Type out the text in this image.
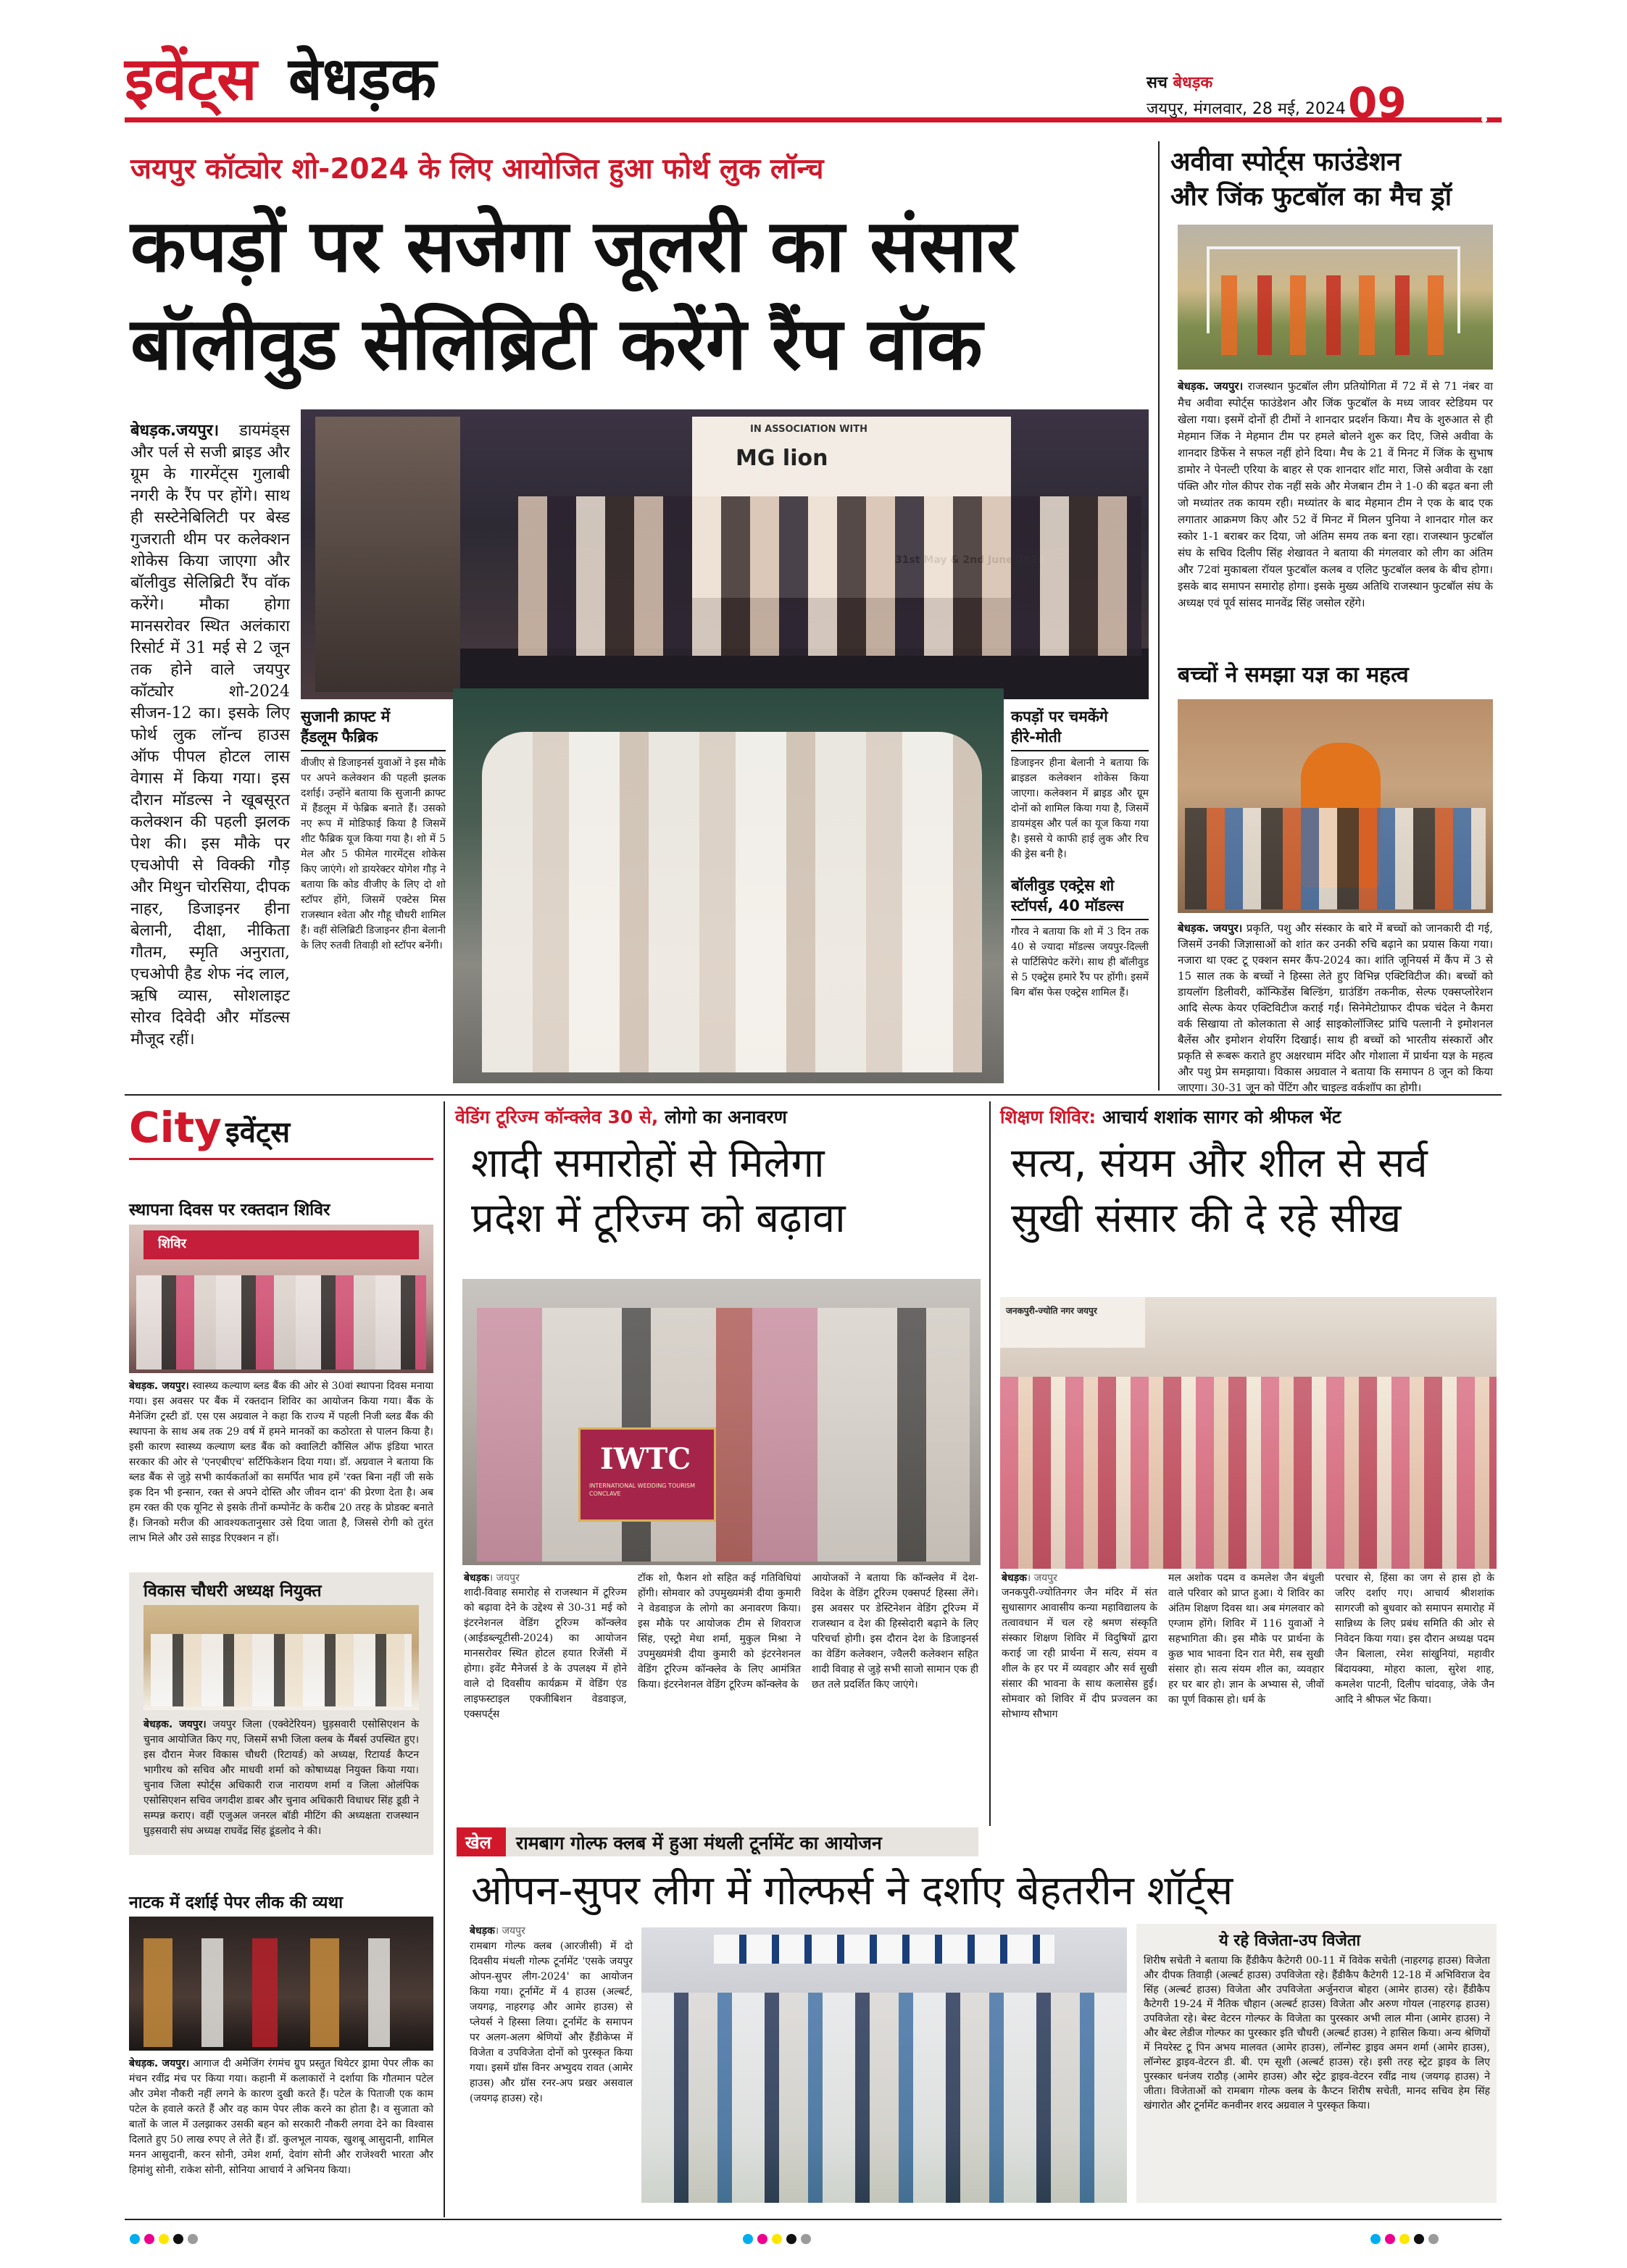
इवेंट्स बेधड़क	सच बेधड़क
जयपुर, मंगलवार, 28 मई, 2024 09
जयपुर कॉट्योर शो-2024 के लिए आयोजित हुआ फोर्थ लुक लॉन्च
कपड़ों पर सजेगा जूलरी का संसार
बॉलीवुड सेलिब्रिटी करेंगे रैंप वॉक
बेधड़क.जयपुर। डायमंड्स और पर्ल से सजी ब्राइड और ग्रूम के गारमेंट्स गुलाबी नगरी के रैंप पर होंगे। साथ ही सस्टेनेबिलिटी पर बेस्ड गुजराती थीम पर कलेक्शन शोकेस किया जाएगा और बॉलीवुड सेलिब्रिटी रैंप वॉक करेंगे। मौका होगा मानसरोवर स्थित अलंकारा रिसोर्ट में 31 मई से 2 जून तक होने वाले जयपुर कॉट्योर शो-2024 सीजन-12 का। इसके लिए फोर्थ लुक लॉन्च हाउस ऑफ पीपल होटल लास वेगास में किया गया। इस दौरान मॉडल्स ने खूबसूरत कलेक्शन की पहली झलक पेश की। इस मौके पर एचओपी से विक्की गौड़ और मिथुन चोरसिया, दीपक नाहर, डिजाइनर हीना बेलानी, दीक्षा, नीकिता गौतम, स्मृति अनुराता, एचओपी हैड शेफ नंद लाल, ऋषि व्यास, सोशलाइट सोरव दिवेदी और मॉडल्स मौजूद रहीं।
IN ASSOCIATION WITH
MG lion
सुजानी क्राफ्ट में
हैंडलूम फैब्रिक
वीजीए से डिजाइनर्स युवाओं ने इस मौके पर अपने कलेक्शन की पहली झलक दर्शाई। उन्होंने बताया कि सुजानी क्राफ्ट में हैंडलूम में फेब्रिक बनाते हैं। उसको नए रूप में मोडिफाई किया है जिसमें शीट फैब्रिक यूज किया गया है। शो में 5 मेल और 5 फीमेल गारमेंट्स शोकेस किए जाएंगे। शो डायरेक्टर योगेश गौड़ ने बताया कि कोड वीजीए के लिए दो शो स्टॉपर होंगे, जिसमें एक्टेस मिस राजस्थान श्वेता और गौहू चौधरी शामिल हैं। वहीं सेलिब्रिटी डिजाइनर हीना बेलानी के लिए रुतवी तिवाड़ी शो स्टॉपर बनेंगी।
कपड़ों पर चमकेंगे
हीरे-मोती
डिजाइनर हीना बेलानी ने बताया कि ब्राइडल कलेक्शन शोकेस किया जाएगा। कलेक्शन में ब्राइड और ग्रूम दोनों को शामिल किया गया है, जिसमें डायमंड्स और पर्ल का यूज किया गया है। इससे ये काफी हाई लुक और रिच की ड्रेस बनी है।
बॉलीवुड एक्ट्रेस शो
स्टॉपर्स, 40 मॉडल्स
गौरव ने बताया कि शो में 3 दिन तक 40 से ज्यादा मॉडल्स जयपुर-दिल्ली से पार्टिसिपेट करेंगे। साथ ही बॉलीवुड से 5 एक्ट्रेस हमारे रैंप पर होंगी। इसमें बिग बॉस फेस एक्ट्रेस शामिल हैं।
अवीवा स्पोर्ट्स फाउंडेशन
और जिंक फुटबॉल का मैच ड्रॉ
बेधड़क. जयपुर। राजस्थान फुटबॉल लीग प्रतियोगिता में 72 में से 71 नंबर वा मैच अवीवा स्पोर्ट्स फाउंडेशन और जिंक फुटबॉल के मध्य जावर स्टेडियम पर खेला गया। इसमें दोनों ही टीमों ने शानदार प्रदर्शन किया। मैच के शुरुआत से ही मेहमान जिंक ने मेहमान टीम पर हमले बोलने शुरू कर दिए, जिसे अवीवा के शानदार डिफेंस ने सफल नहीं होने दिया। मैच के 21 वें मिनट में जिंक के सुभाष डामोर ने पेनल्टी एरिया के बाहर से एक शानदार शॉट मारा, जिसे अवीवा के रक्षा पंक्ति और गोल कीपर रोक नहीं सके और मेजबान टीम ने 1-0 की बढ़त बना ली जो मध्यांतर तक कायम रही। मध्यांतर के बाद मेहमान टीम ने एक के बाद एक लगातार आक्रमण किए और 52 वें मिनट में मिलन पुनिया ने शानदार गोल कर स्कोर 1-1 बराबर कर दिया, जो अंतिम समय तक बना रहा। राजस्थान फुटबॉल संघ के सचिव दिलीप सिंह शेखावत ने बताया की मंगलवार को लीग का अंतिम और 72वां मुकाबला रॉयल फुटबॉल कलब व एलिट फुटबॉल क्लब के बीच होगा। इसके बाद समापन समारोह होगा। इसके मुख्य अतिथि राजस्थान फुटबॉल संघ के अध्यक्ष एवं पूर्व सांसद मानवेंद्र सिंह जसोल रहेंगे।
बच्चों ने समझा यज्ञ का महत्व
बेधड़क. जयपुर। प्रकृति, पशु और संस्कार के बारे में बच्चों को जानकारी दी गई, जिसमें उनकी जिज्ञासाओं को शांत कर उनकी रुचि बढ़ाने का प्रयास किया गया। नजारा था एक्ट टू एक्शन समर कैंप-2024 का। शांति जूनियर्स में कैंप में 3 से 15 साल तक के बच्चों ने हिस्सा लेते हुए विभिन्न एक्टिविटीज की। बच्चों को डायलॉग डिलीवरी, कॉन्फिडेंस बिल्डिंग, ग्राउंडिंग तकनीक, सेल्फ एक्सप्लोरेशन आदि सेल्फ केयर एक्टिविटीज कराई गईं। सिनेमेटोग्राफर दीपक चंदेल ने कैमरा वर्क सिखाया तो कोलकाता से आई साइकोलॉजिस्ट प्रांचि पत्लानी ने इमोशनल बैलेंस और इमोशन शेयरिंग दिखाई। साथ ही बच्चों को भारतीय संस्कारों और प्रकृति से रूबरू कराते हुए अक्षरधाम मंदिर और गोशाला में प्रार्थना यज्ञ के महत्व और पशु प्रेम समझाया। विकास अग्रवाल ने बताया कि समापन 8 जून को किया जाएगा। 30-31 जून को पेंटिंग और चाइल्ड वर्कशॉप का होगी।
City इवेंट्स
स्थापना दिवस पर रक्तदान शिविर
शिविर
बेधड़क. जयपुर। स्वास्थ्य कल्याण ब्लड बैंक की ओर से 30वां स्थापना दिवस मनाया गया। इस अवसर पर बैंक में रक्तदान शिविर का आयोजन किया गया। बैंक के मैनेजिंग ट्रस्टी डॉ. एस एस अग्रवाल ने कहा कि राज्य में पहली निजी ब्लड बैंक की स्थापना के साथ अब तक 29 वर्ष में हमने मानकों का कठोरता से पालन किया है। इसी कारण स्वास्थ्य कल्याण ब्लड बैंक को क्वालिटी कौंसिल ऑफ इंडिया भारत सरकार की ओर से 'एनएबीएच' सर्टिफिकेशन दिया गया। डॉ. अग्रवाल ने बताया कि ब्लड बैंक से जुड़े सभी कार्यकर्ताओं का समर्पित भाव हमें 'रक्त बिना नहीं जी सके इक दिन भी इन्सान, रक्त से अपने दोस्ति और जीवन दान' की प्रेरणा देता है। अब हम रक्त की एक यूनिट से इसके तीनों कम्पोनेंट के करीब 20 तरह के प्रोडक्ट बनाते हैं। जिनको मरीज की आवश्यकतानुसार उसे दिया जाता है, जिससे रोगी को तुरंत लाभ मिले और उसे साइड रिएक्शन न हों।
विकास चौधरी अध्यक्ष नियुक्त
बेधड़क. जयपुर। जयपुर जिला (एक्वेटेरियन) घुड़सवारी एसोसिएशन के चुनाव आयोजित किए गए, जिसमें सभी जिला क्लब के मैंबर्स उपस्थित हुए। इस दौरान मेजर विकास चौधरी (रिटायर्ड) को अध्यक्ष, रिटायर्ड कैप्टन भागीरथ को सचिव और माधवी शर्मा को कोषाध्यक्ष नियुक्त किया गया। चुनाव जिला स्पोर्ट्स अधिकारी राज नारायण शर्मा व जिला ओलंपिक एसोसिएशन सचिव जगदीश डाबर और चुनाव अधिकारी विधाधर सिंह डूडी ने सम्पन्न कराए। वहीं एजुअल जनरल बॉडी मीटिंग की अध्यक्षता राजस्थान घुड़सवारी संघ अध्यक्ष राघवेंद्र सिंह डूंडलोद ने की।
नाटक में दर्शाई पेपर लीक की व्यथा
बेधड़क. जयपुर। आगाज दी अमेजिंग रंगमंच ग्रुप प्रस्तुत थियेटर ड्रामा पेपर लीक का मंचन रवींद्र मंच पर किया गया। कहानी में कलाकारों ने दर्शाया कि गौतमान पटेल और उमेश नौकरी नहीं लगने के कारण दुखी करते हैं। पटेल के पिताजी एक काम पटेल के हवाले करते हैं और वह काम पेपर लीक करने का होता है। व सुजाता को बातों के जाल में उलझाकर उसकी बहन को सरकारी नौकरी लगवा देने का विश्वास दिलाते हुए 50 लाख रुपए ले लेते हैं। डॉ. कुलभूल नायक, खुशबू आसुदानी, शामिल मनन आसुदानी, करन सोनी, उमेश शर्मा, देवांग सोनी और राजेश्वरी भारता और हिमांशु सोनी, राकेश सोनी, सोनिया आचार्य ने अभिनय किया।
वेडिंग टूरिज्म कॉन्क्लेव 30 से, लोगो का अनावरण
शादी समारोहों से मिलेगा
प्रदेश में टूरिज्म को बढ़ावा
IWTC
INTERNATIONAL WEDDING TOURISM CONCLAVE
बेधड़क। जयपुर
शादी-विवाह समारोह से राजस्थान में टूरिज्म को बढ़ावा देने के उद्देश्य से 30-31 मई को इंटरनेशनल वेडिंग टूरिज्म कॉन्क्लेव (आईडब्ल्यूटीसी-2024) का आयोजन मानसरोवर स्थित होटल हयात रिजेंसी में होगा। इवेंट मैनेजर्स डे के उपलक्ष्य में होने वाले दो दिवसीय कार्यक्रम में वेडिंग एंड लाइफस्टाइल एक्जीबिशन वेडवाइज, एक्सपर्ट्स
टॉक शो, फैशन शो सहित कई गतिविधियां होंगी। सोमवार को उपमुख्यमंत्री दीया कुमारी ने वेडवाइज के लोगो का अनावरण किया। इस मौके पर आयोजक टीम से शिवराज सिंह, एस्ट्रो मेधा शर्मा, मुकुल मिश्रा ने उपमुख्यमंत्री दीया कुमारी को इंटरनेशनल वेडिंग टूरिज्म कॉन्क्लेव के लिए आमंत्रित किया। इंटरनेशनल वेडिंग टूरिज्म कॉन्क्लेव के
आयोजकों ने बताया कि कॉन्क्लेव में देश-विदेश के वेडिंग टूरिज्म एक्सपर्ट हिस्सा लेंगे। इस अवसर पर डेस्टिनेशन वेडिंग टूरिज्म में राजस्थान व देश की हिस्सेदारी बढ़ाने के लिए परिचर्चा होगी। इस दौरान देश के डिजाइनर्स का वेडिंग कलेक्शन, ज्वैलरी कलेक्शन सहित शादी विवाह से जुड़े सभी साजो सामान एक ही छत तले प्रदर्शित किए जाएंगे।
शिक्षण शिविर: आचार्य शशांक सागर को श्रीफल भेंट
सत्य, संयम और शील से सर्व
सुखी संसार की दे रहे सीख
जनकपुरी-ज्योति नगर जयपुर
बेधड़क। जयपुर
जनकपुरी-ज्योतिनगर जैन मंदिर में संत सुधासागर आवासीय कन्या महाविद्यालय के तत्वावधान में चल रहे श्रमण संस्कृति संस्कार शिक्षण शिविर में विदुषियों द्वारा कराई जा रही प्रार्थना में सत्य, संयम व शील के हर पर में व्यवहार और सर्व सुखी संसार की भावना के साथ कलासेस हुई। सोमवार को शिविर में दीप प्रज्वलन का सोभाग्य सौभाग
मल अशोक पदम व कमलेश जैन बंधुली वाले परिवार को प्राप्त हुआ। ये शिविर का अंतिम शिक्षण दिवस था। अब मंगलवार को एग्जाम होंगे। शिविर में 116 युवाओं ने सहभागिता की। इस मौके पर प्रार्थना के कुछ भाव भावना दिन रात मेरी, सब सुखी संसार हो। सत्य संयम शील का, व्यवहार हर घर बार हो। ज्ञान के अभ्यास से, जीवों का पूर्ण विकास हो। धर्म के
परचार से, हिंसा का जग से हास हो के जरिए दर्शाए गए। आचार्य श्रीशशांक सागरजी को बुधवार को समापन समारोह में सान्निध्य के लिए प्रबंध समिति की ओर से निवेदन किया गया। इस दौरान अध्यक्ष पदम जैन बिलाला, रमेश सांखुनियां, महावीर बिंदायक्या, मोहरा काला, सुरेश शाह, कमलेश पाटनी, दिलीप चांदवाड़, जेके जैन आदि ने श्रीफल भेंट किया।
खेल रामबाग गोल्फ क्लब में हुआ मंथली टूर्नामेंट का आयोजन
ओपन-सुपर लीग में गोल्फर्स ने दर्शाए बेहतरीन शॉर्ट्स
बेधड़क। जयपुर
रामबाग गोल्फ क्लब (आरजीसी) में दो दिवसीय मंथली गोल्फ टूर्नामेंट 'एसके जयपुर ओपन-सुपर लीग-2024' का आयोजन किया गया। टूर्नामेंट में 4 हाउस (अल्बर्ट, जयगढ़, नाहरगढ़ और आमेर हाउस) से प्लेयर्स ने हिस्सा लिया। टूर्नामेंट के समापन पर अलग-अलग श्रेणियों और हैंडीकेप्स में विजेता व उपविजेता दोनों को पुरस्कृत किया गया। इसमें ग्रॉस विनर अभ्युदय रावत (आमेर हाउस) और ग्रॉस रनर-अप प्रखर असवाल (जयगढ़ हाउस) रहे।
ये रहे विजेता-उप विजेता
शिरीष सचेती ने बताया कि हैंडीकैप कैटेगरी 00-11 में विवेक सचेती (नाहरगढ़ हाउस) विजेता और दीपक तिवाड़ी (अल्बर्ट हाउस) उपविजेता रहे। हैंडीकैप कैटेगरी 12-18 में अभिविराज देव सिंह (अल्बर्ट हाउस) विजेता और उपविजेता अर्जुनराज बोहरा (आमेर हाउस) रहे। हैंडीकैप कैटेगरी 19-24 में नैतिक चौहान (अल्बर्ट हाउस) विजेता और अरुण गोयल (नाहरगढ़ हाउस) उपविजेता रहे। बेस्ट वेटरन गोल्फर के विजेता का पुरस्कार अभी लाल मीना (आमेर हाउस) ने और बेस्ट लेडीज गोल्फर का पुरस्कार इति चौधरी (अल्बर्ट हाउस) ने हासिल किया। अन्य श्रेणियों में नियरेस्ट टू पिन अभय मालवत (आमेर हाउस), लॉन्गेस्ट ड्राइव अमन शर्मा (आमेर हाउस), लॉन्गेस्ट ड्राइव-वेटरन डी. बी. एम सूशी (अल्बर्ट हाउस) रहे। इसी तरह स्ट्रेट ड्राइव के लिए पुरस्कार धनंजय राठौड़ (आमेर हाउस) और स्ट्रेट ड्राइव-वेटरन रवींद्र नाथ (जयगढ़ हाउस) ने जीता। विजेताओं को रामबाग गोल्फ क्लब के कैप्टन शिरीष सचेती, मानद सचिव हेम सिंह खंगारोत और टूर्नामेंट कनवीनर शरद अग्रवाल ने पुरस्कृत किया।
